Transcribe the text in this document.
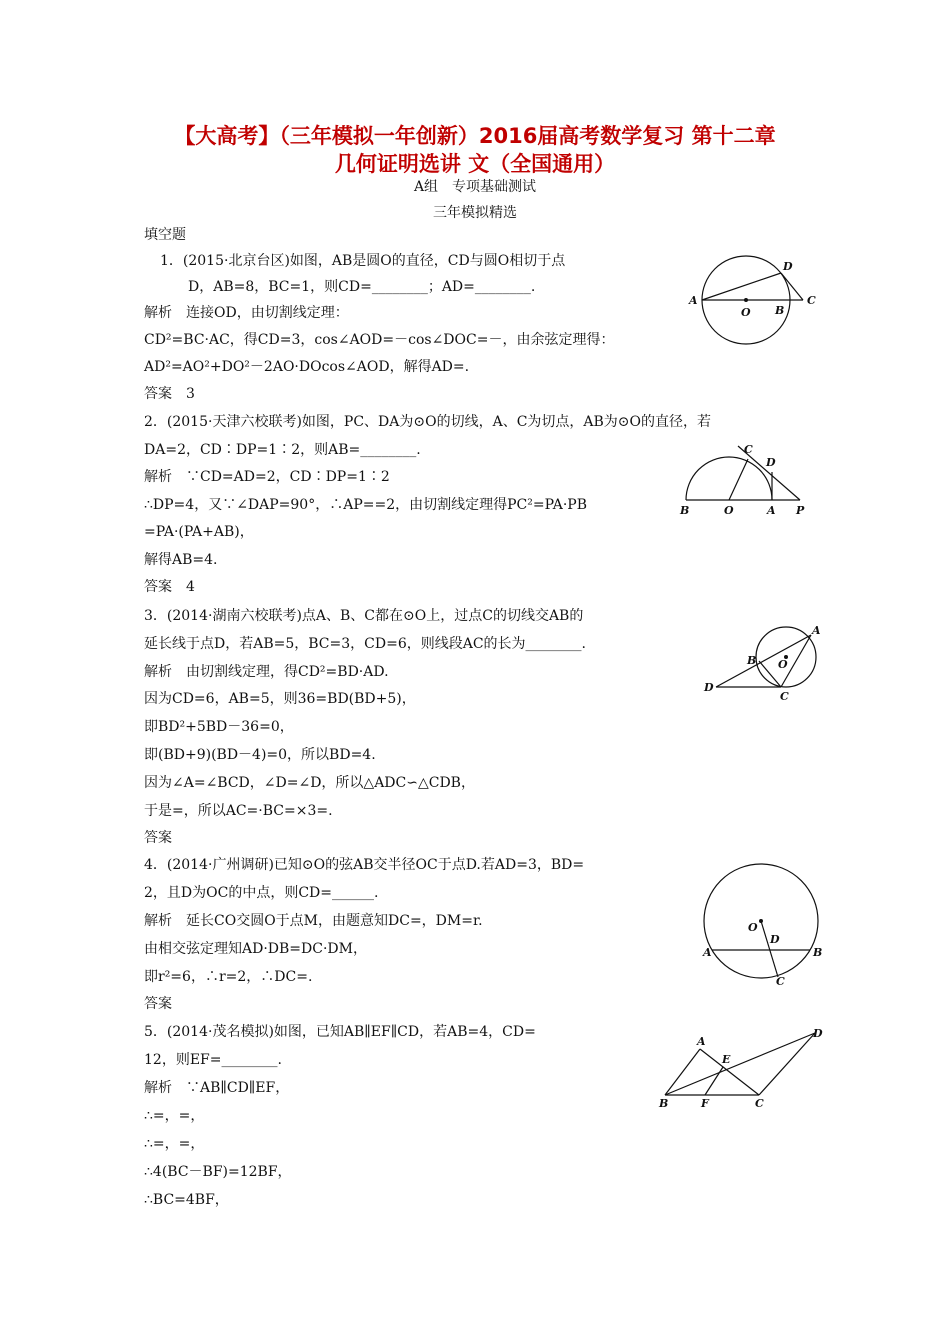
【大高考】（三年模拟一年创新）2016届高考数学复习 第十二章
几何证明选讲 文（全国通用）
A组　专项基础测试
三年模拟精选
填空题
1．(2015·北京台区)如图，AB是圆O的直径，CD与圆O相切于点
D，AB=8，BC=1，则CD=________；AD=________.
解析　连接OD，由切割线定理：
CD²=BC·AC，得CD=3，cos∠AOD=－cos∠DOC=－，由余弦定理得：
AD²=AO²+DO²－2AO·DOcos∠AOD，解得AD=.
答案　3
2．(2015·天津六校联考)如图，PC、DA为⊙O的切线，A、C为切点，AB为⊙O的直径，若
DA=2，CD∶DP=1∶2，则AB=________.
解析　∵CD=AD=2，CD∶DP=1∶2
∴DP=4，又∵∠DAP=90°，∴AP==2，由切割线定理得PC²=PA·PB
=PA·(PA+AB)，
解得AB=4.
答案　4
3．(2014·湖南六校联考)点A、B、C都在⊙O上，过点C的切线交AB的
延长线于点D，若AB=5，BC=3，CD=6，则线段AC的长为________.
解析　由切割线定理，得CD²=BD·AD.
因为CD=6，AB=5，则36=BD(BD+5)，
即BD²+5BD－36=0，
即(BD+9)(BD－4)=0，所以BD=4.
因为∠A=∠BCD，∠D=∠D，所以△ADC∽△CDB，
于是=，所以AC=·BC=×3=.
答案
4．(2014·广州调研)已知⊙O的弦AB交半径OC于点D.若AD=3，BD=
2，且D为OC的中点，则CD=______.
解析　延长CO交圆O于点M，由题意知DC=，DM=r.
由相交弦定理知AD·DB=DC·DM，
即r²=6，∴r=2，∴DC=.
答案
5．(2014·茂名模拟)如图，已知AB∥EF∥CD，若AB=4，CD=
12，则EF=________.
解析　∵AB∥CD∥EF，
∴=，=，
∴=，=，
∴4(BC－BF)=12BF，
∴BC=4BF，
D
A
O B
C
C
D
B	O	A P
A
B O
D
C
O
D
A	B
C
A
E
D
B	F	C
